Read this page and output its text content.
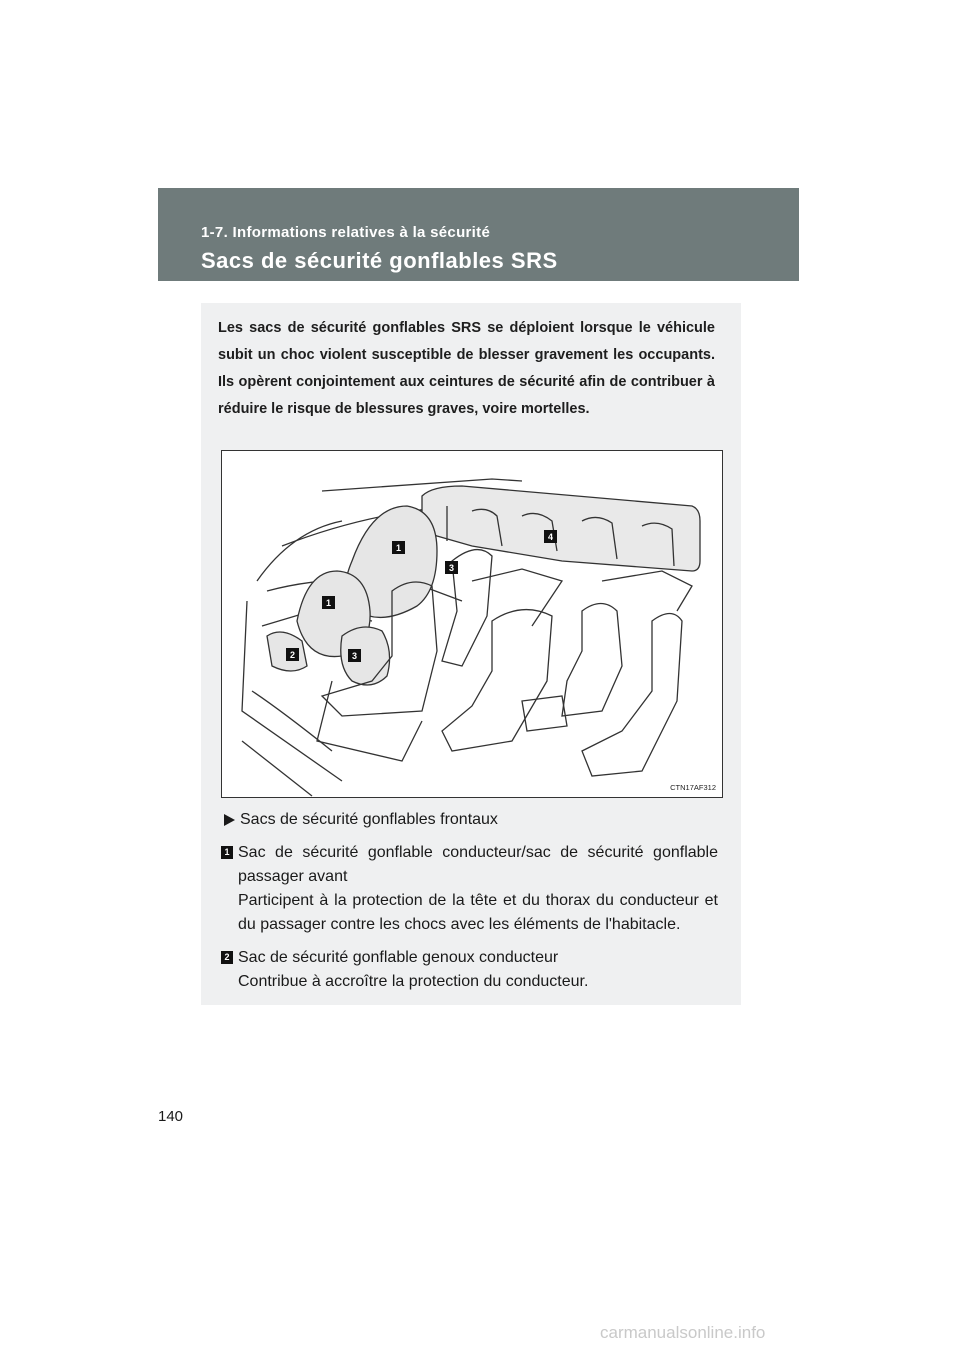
1-7. Informations relatives à la sécurité
Sacs de sécurité gonflables SRS

Les sacs de sécurité gonflables SRS se déploient lorsque le véhicule subit un choc violent susceptible de blesser gravement les occupants. Ils opèrent conjointement aux ceintures de sécurité afin de contribuer à réduire le risque de blessures graves, voire mortelles.

1
1
2
3
3
4
CTN17AF312
Sacs de sécurité gonflables frontaux
1 Sac de sécurité gonflable conducteur/sac de sécurité gonflable passager avant

Participent à la protection de la tête et du thorax du conducteur et du passager contre les chocs avec les éléments de l'habitacle.

2 Sac de sécurité gonflable genoux conducteur

Contribue à accroître la protection du conducteur.

140
carmanualsonline.info
